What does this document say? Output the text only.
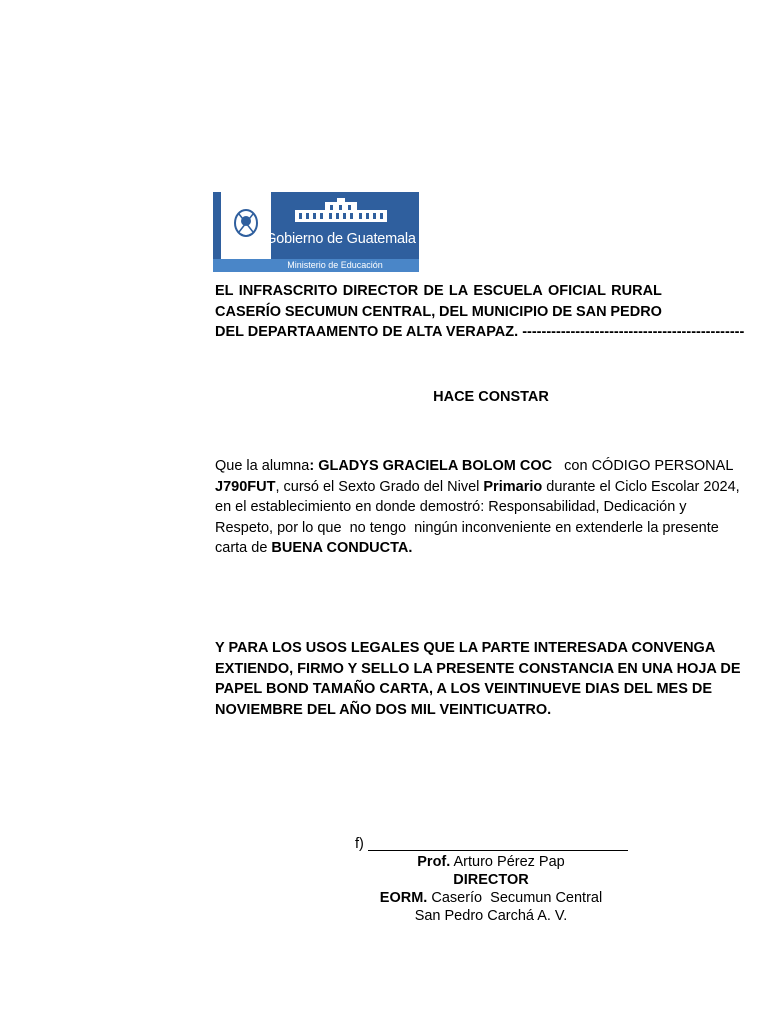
Gobierno de Guatemala
Ministerio de Educación
EL INFRASCRITO DIRECTOR DE LA ESCUELA OFICIAL RURAL
CASERÍO SECUMUN CENTRAL, DEL MUNICIPIO DE SAN PEDRO
DEL DEPARTAAMENTO DE ALTA VERAPAZ. ----------------------------------------------
HACE CONSTAR
Que la alumna: GLADYS GRACIELA BOLOM COC con CÓDIGO PERSONAL
J790FUT, cursó el Sexto Grado del Nivel Primario durante el Ciclo Escolar 2024,
en el establecimiento en donde demostró: Responsabilidad, Dedicación y
Respeto, por lo que  no tengo  ningún inconveniente en extenderle la presente
carta de BUENA CONDUCTA.
Y PARA LOS USOS LEGALES QUE LA PARTE INTERESADA CONVENGA
EXTIENDO, FIRMO Y SELLO LA PRESENTE CONSTANCIA EN UNA HOJA DE
PAPEL BOND TAMAÑO CARTA, A LOS VEINTINUEVE DIAS DEL MES DE
NOVIEMBRE DEL AÑO DOS MIL VEINTICUATRO.
f)
Prof. Arturo Pérez Pap
DIRECTOR
EORM. Caserío  Secumun Central
San Pedro Carchá A. V.
